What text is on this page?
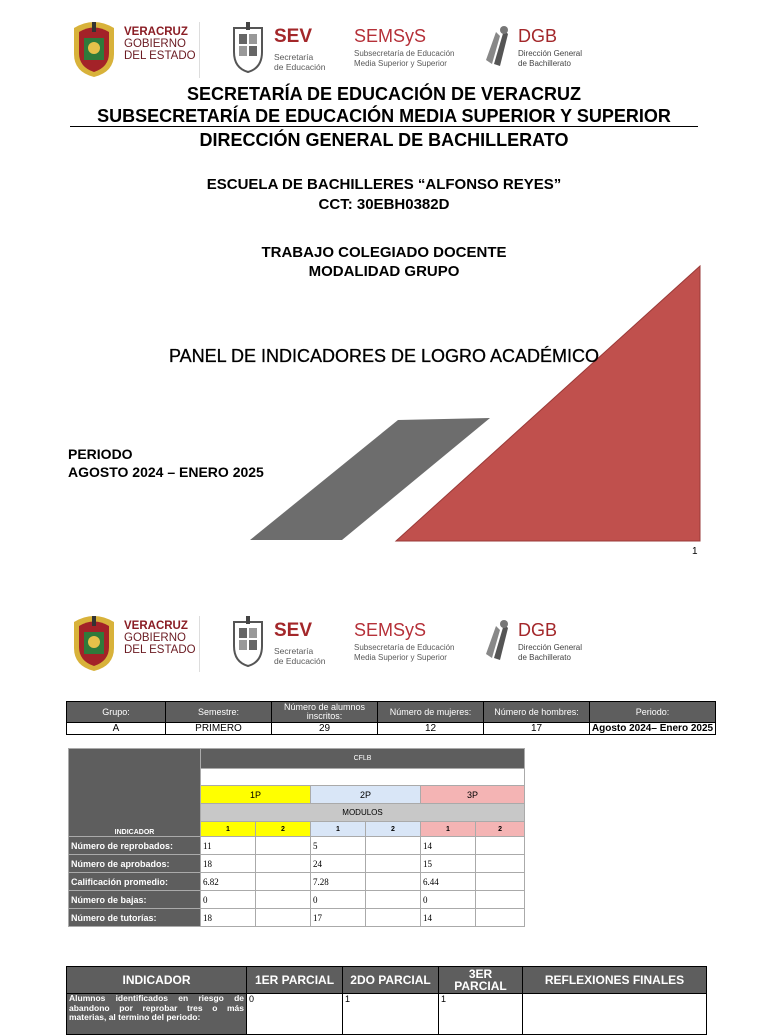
VERACRUZ
GOBIERNO
DEL ESTADO
SEV
Secretaría
de Educación
SEMSyS
Subsecretaría de Educación
Media Superior y Superior
DGB
Dirección General
de Bachillerato
SECRETARÍA DE EDUCACIÓN DE VERACRUZ
SUBSECRETARÍA DE EDUCACIÓN MEDIA SUPERIOR Y SUPERIOR
DIRECCIÓN GENERAL DE BACHILLERATO
ESCUELA DE BACHILLERES “ALFONSO REYES”
CCT: 30EBH0382D
TRABAJO COLEGIADO DOCENTE
MODALIDAD GRUPO
PANEL DE INDICADORES DE LOGRO ACADÉMICO
PERIODO
AGOSTO 2024 – ENERO 2025
1
VERACRUZ
GOBIERNO
DEL ESTADO
SEV
Secretaría
de Educación
SEMSyS
Subsecretaría de Educación
Media Superior y Superior
DGB
Dirección General
de Bachillerato
Grupo:	Semestre:	Número de alumnos inscritos:	Número de mujeres:	Número de hombres:	Periodo:
A	PRIMERO	29	12	17	Agosto 2024– Enero 2025
INDICADOR	CFLB					

	1P		2P		3P	
	MODULOS					
	1	2	1	2	1	2
Número de reprobados:	11		5		14	
Número de aprobados:	18		24		15	
Calificación promedio:	6.82		7.28		6.44	
Número de bajas:	0		0		0	
Número de tutorías:	18		17		14	
INDICADOR	1ER PARCIAL	2DO PARCIAL	3ER PARCIAL	REFLEXIONES FINALES
Alumnos identificados en riesgo de abandono por reprobar tres o más materias, al termino del periodo:	0	1	1	
